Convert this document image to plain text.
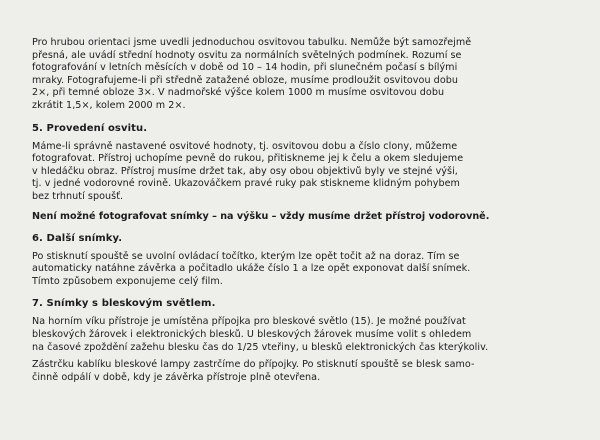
Pro hrubou orientaci jsme uvedli jednoduchou osvitovou tabulku. Nemůže být samozřejmě
přesná, ale uvádí střední hodnoty osvitu za normálních světelných podmínek. Rozumí se
fotografování v letních měsících v době od 10 – 14 hodin, při slunečném počasí s bílými
mraky. Fotografujeme-li při středně zatažené obloze, musíme prodloužit osvitovou dobu
2×, při temné obloze 3×. V nadmořské výšce kolem 1000 m musíme osvitovou dobu
zkrátit 1,5×, kolem 2000 m 2×.

5. Provedení osvitu.

Máme-li správně nastavené osvitové hodnoty, tj. osvitovou dobu a číslo clony, můžeme
fotografovat. Přístroj uchopíme pevně do rukou, přitiskneme jej k čelu a okem sledujeme
v hledáčku obraz. Přístroj musíme držet tak, aby osy obou objektivů byly ve stejné výši,
tj. v jedné vodorovné rovině. Ukazováčkem pravé ruky pak stiskneme klidným pohybem
bez trhnutí spoušť.

Není možné fotografovat snímky – na výšku – vždy musíme držet přístroj vodorovně.
6. Další snímky.

Po stisknutí spouště se uvolní ovládací točítko, kterým lze opět točit až na doraz. Tím se
automaticky natáhne závěrka a počitadlo ukáže číslo 1 a lze opět exponovat další snímek.
Tímto způsobem exponujeme celý film.

7. Snímky s bleskovým světlem.

Na horním víku přístroje je umístěna přípojka pro bleskové světlo (15). Je možné používat
bleskových žárovek i elektronických blesků. U bleskových žárovek musíme volit s ohledem
na časové zpoždění zažehu blesku čas do 1/25 vteřiny, u blesků elektronických čas kterýkoliv.

Zástrčku kablíku bleskové lampy zastrčíme do přípojky. Po stisknutí spouště se blesk samo-
činně odpálí v době, kdy je závěrka přístroje plně otevřena.
